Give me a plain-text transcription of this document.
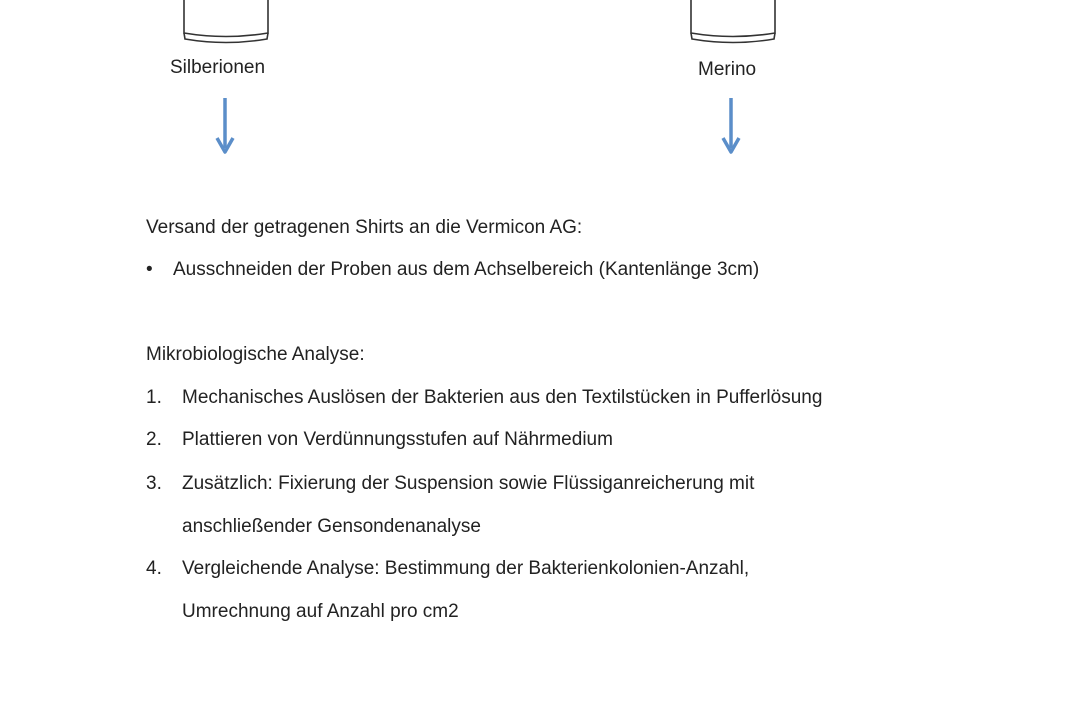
Silberionen	Merino
Versand der getragenen Shirts an die Vermicon AG:
• Ausschneiden der Proben aus dem Achselbereich (Kantenlänge 3cm)
Mikrobiologische Analyse:
1. Mechanisches Auslösen der Bakterien aus den Textilstücken in Pufferlösung
2. Plattieren von Verdünnungsstufen auf Nährmedium
3. Zusätzlich: Fixierung der Suspension sowie Flüssiganreicherung mit
anschließender Gensondenanalyse
4. Vergleichende Analyse: Bestimmung der Bakterienkolonien-Anzahl,
Umrechnung auf Anzahl pro cm2
